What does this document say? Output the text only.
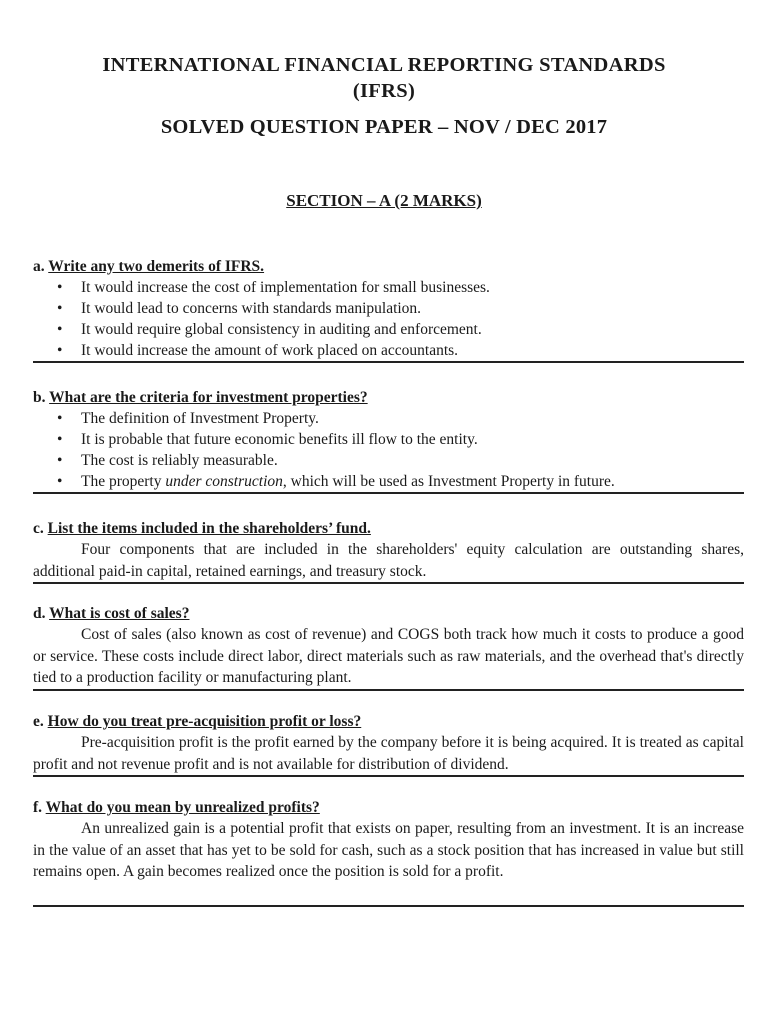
INTERNATIONAL FINANCIAL REPORTING STANDARDS
(IFRS)
SOLVED QUESTION PAPER – NOV / DEC 2017
SECTION – A (2 MARKS)
a. Write any two demerits of IFRS.
• It would increase the cost of implementation for small businesses.
• It would lead to concerns with standards manipulation.
• It would require global consistency in auditing and enforcement.
• It would increase the amount of work placed on accountants.
b. What are the criteria for investment properties?
• The definition of Investment Property.
• It is probable that future economic benefits ill flow to the entity.
• The cost is reliably measurable.
• The property under construction, which will be used as Investment Property in future.
c. List the items included in the shareholders’ fund.
Four components that are included in the shareholders' equity calculation are outstanding shares, additional paid-in capital, retained earnings, and treasury stock.
d. What is cost of sales?
Cost of sales (also known as cost of revenue) and COGS both track how much it costs to produce a good or service. These costs include direct labor, direct materials such as raw materials, and the overhead that's directly tied to a production facility or manufacturing plant.
e. How do you treat pre-acquisition profit or loss?
Pre-acquisition profit is the profit earned by the company before it is being acquired. It is treated as capital profit and not revenue profit and is not available for distribution of dividend.
f. What do you mean by unrealized profits?
An unrealized gain is a potential profit that exists on paper, resulting from an investment. It is an increase in the value of an asset that has yet to be sold for cash, such as a stock position that has increased in value but still remains open. A gain becomes realized once the position is sold for a profit.
